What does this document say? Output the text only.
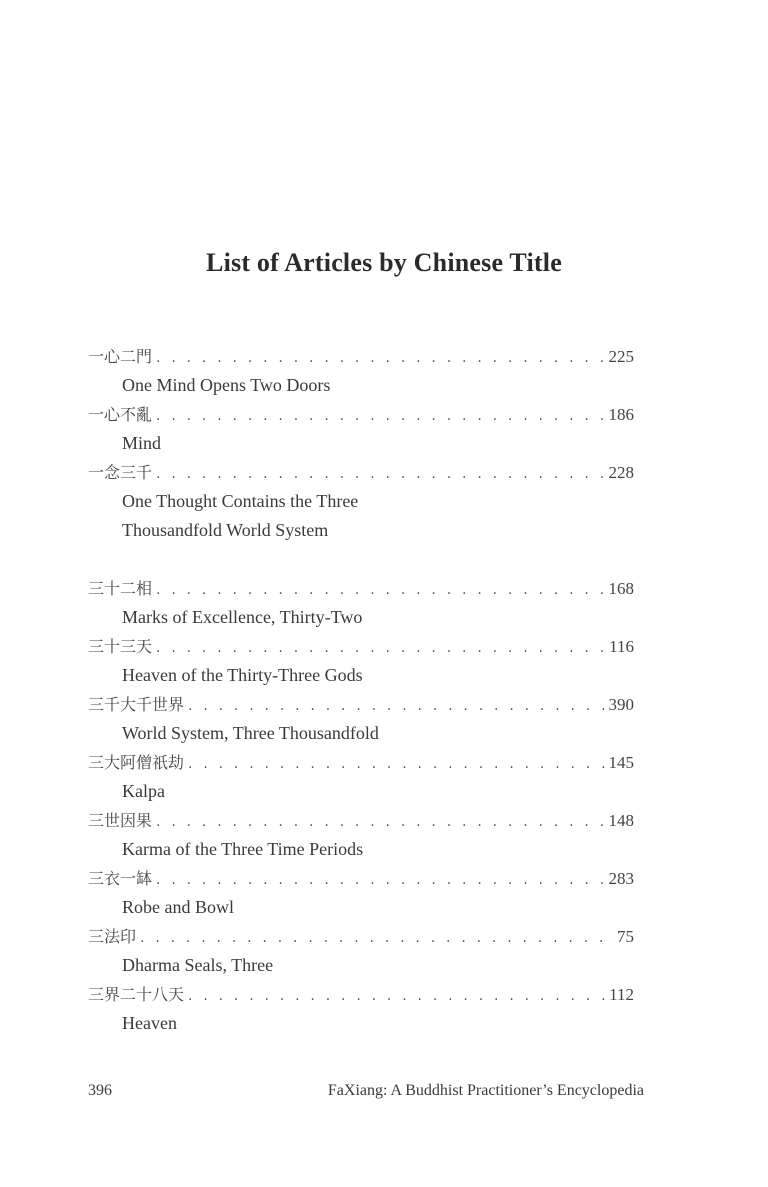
List of Articles by Chinese Title
一心二門 . . .	225
One Mind Opens Two Doors
一心不亂 . . .	186
Mind
一念三千 . . .	228
One Thought Contains the Three
Thousandfold World System
三十二相 . . .	168
Marks of Excellence, Thirty-Two
三十三天 . . .	116
Heaven of the Thirty-Three Gods
三千大千世界 . . .	390
World System, Three Thousandfold
三大阿僧祇劫 . . .	145
Kalpa
三世因果 . . .	148
Karma of the Three Time Periods
三衣一缽 . . .	283
Robe and Bowl
三法印 . . .	75
Dharma Seals, Three
三界二十八天 . . .	112
Heaven
396	FaXiang: A Buddhist Practitioner’s Encyclopedia
